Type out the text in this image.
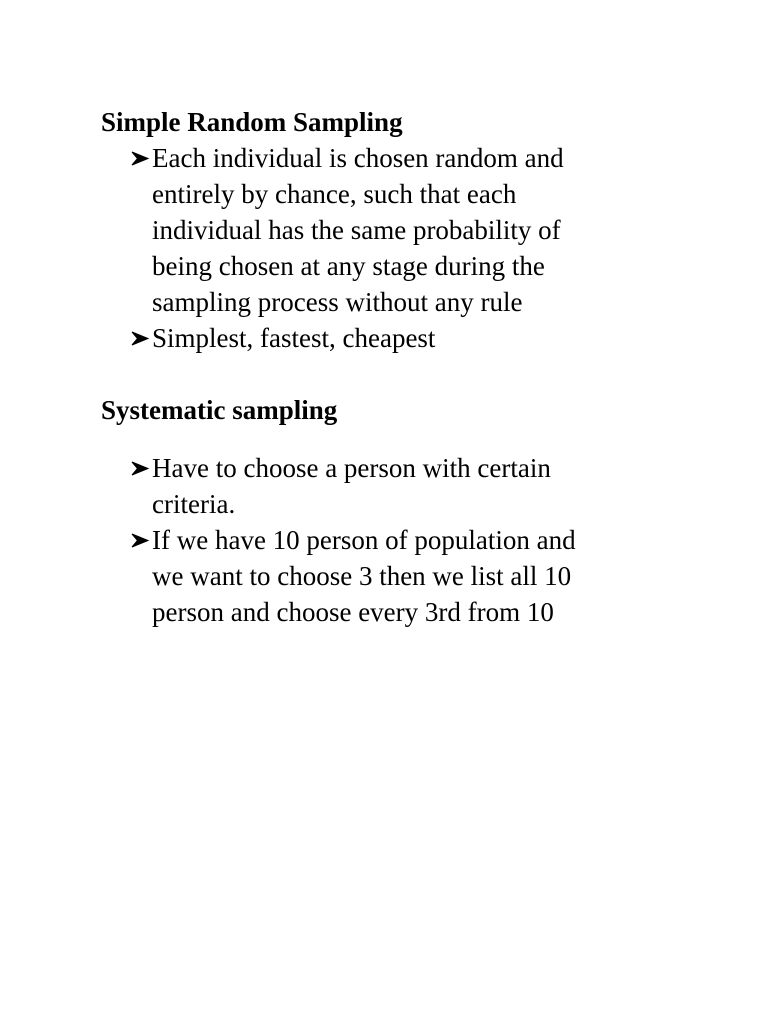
Simple Random Sampling
Each individual is chosen random and
entirely by chance, such that each
individual has the same probability of
being chosen at any stage during the
sampling process without any rule
Simplest, fastest, cheapest
Systematic sampling
Have to choose a person with certain
criteria.
If we have 10 person of population and
we want to choose 3 then we list all 10
person and choose every 3rd from 10
